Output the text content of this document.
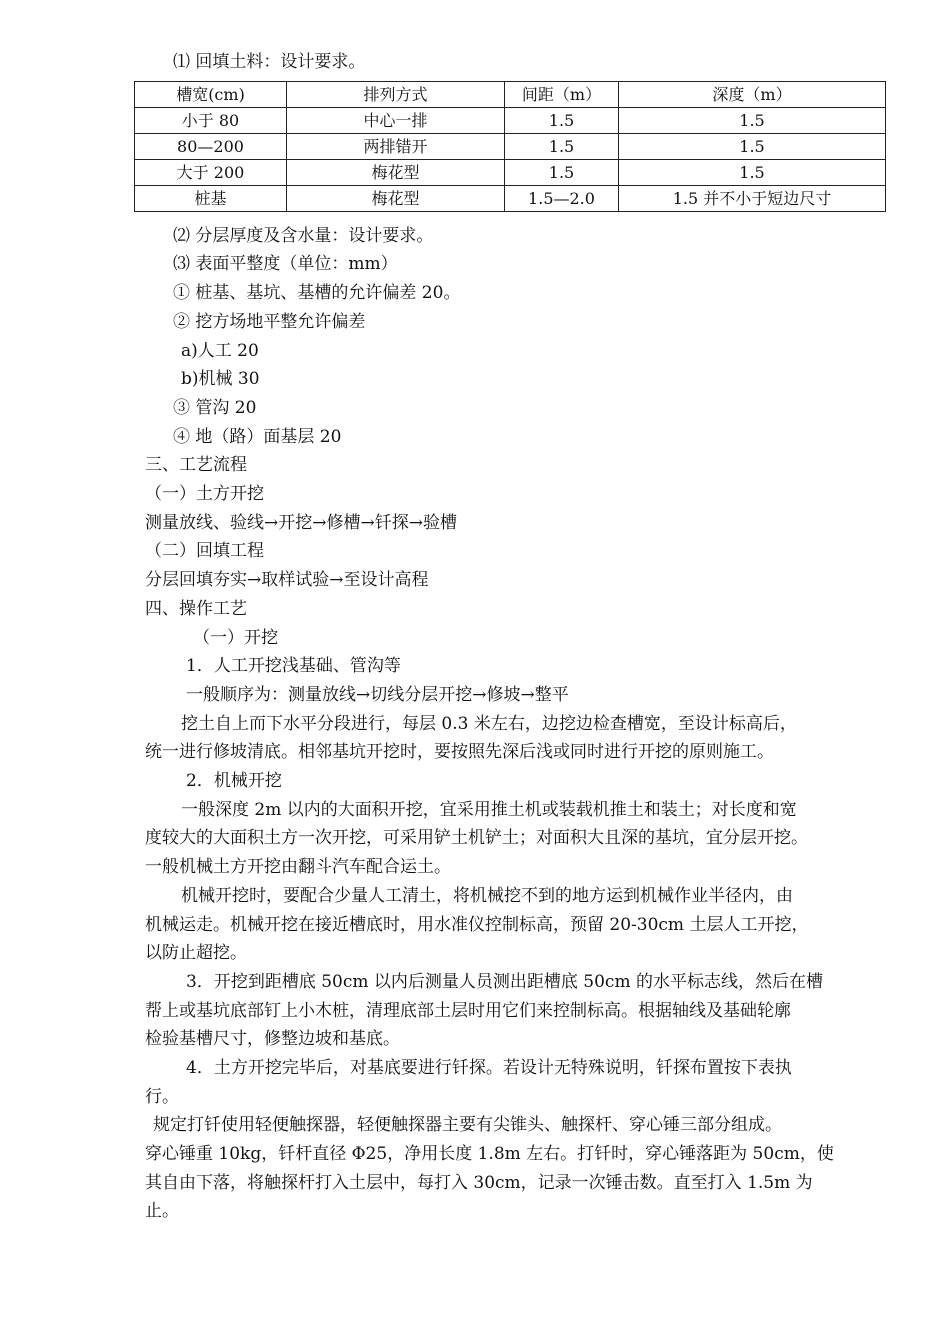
⑴ 回填土料：设计要求。
槽宽(cm)	排列方式	间距（m）	深度（m）
小于 80	中心一排	1.5	1.5
80—200	两排错开	1.5	1.5
大于 200	梅花型	1.5	1.5
桩基	梅花型	1.5—2.0	1.5 并不小于短边尺寸
⑵ 分层厚度及含水量：设计要求。
⑶ 表面平整度（单位：mm）
① 桩基、基坑、基槽的允许偏差 20。
② 挖方场地平整允许偏差
a)人工 20
b)机械 30
③ 管沟 20
④ 地（路）面基层 20
三、工艺流程
（一）土方开挖
测量放线、验线→开挖→修槽→钎探→验槽
（二）回填工程
分层回填夯实→取样试验→至设计高程
四、操作工艺
（一）开挖
1．人工开挖浅基础、管沟等
一般顺序为：测量放线→切线分层开挖→修坡→整平
挖土自上而下水平分段进行，每层 0.3 米左右，边挖边检查槽宽，至设计标高后，
统一进行修坡清底。相邻基坑开挖时，要按照先深后浅或同时进行开挖的原则施工。
2．机械开挖
一般深度 2m 以内的大面积开挖，宜采用推土机或装载机推土和装土；对长度和宽
度较大的大面积土方一次开挖，可采用铲土机铲土；对面积大且深的基坑，宜分层开挖。
一般机械土方开挖由翻斗汽车配合运土。
机械开挖时，要配合少量人工清土，将机械挖不到的地方运到机械作业半径内，由
机械运走。机械开挖在接近槽底时，用水准仪控制标高，预留 20-30cm 土层人工开挖，
以防止超挖。
3．开挖到距槽底 50cm 以内后测量人员测出距槽底 50cm 的水平标志线，然后在槽
帮上或基坑底部钉上小木桩，清理底部土层时用它们来控制标高。根据轴线及基础轮廓
检验基槽尺寸，修整边坡和基底。
4．土方开挖完毕后，对基底要进行钎探。若设计无特殊说明，钎探布置按下表执
行。
规定打钎使用轻便触探器，轻便触探器主要有尖锥头、触探杆、穿心锤三部分组成。
穿心锤重 10kg，钎杆直径 Φ25，净用长度 1.8m 左右。打钎时，穿心锤落距为 50cm，使
其自由下落，将触探杆打入土层中，每打入 30cm，记录一次锤击数。直至打入 1.5m 为
止。
